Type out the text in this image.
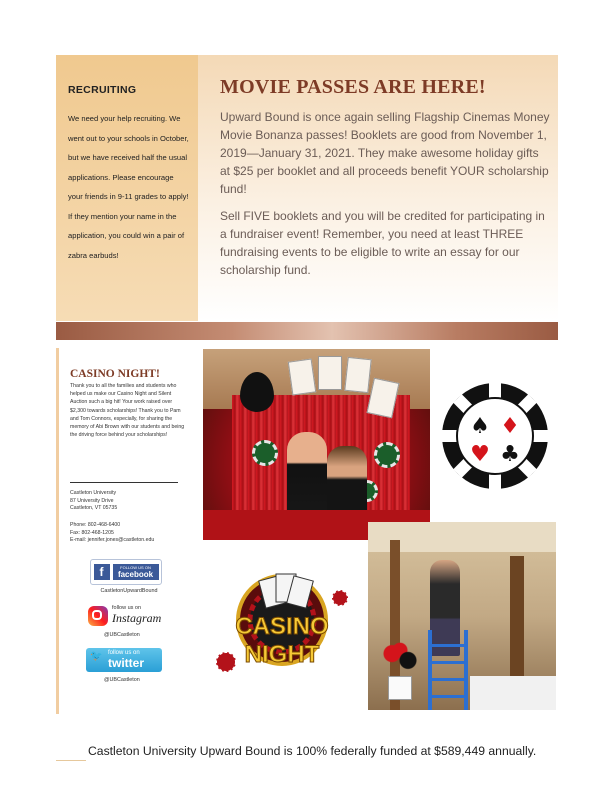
RECRUITING
We need your help recruiting. We went out to your schools in October, but we have received half the usual applications. Please encourage your friends in 9-11 grades to apply! If they mention your name in the application, you could win a pair of zabra earbuds!
MOVIE PASSES ARE HERE!
Upward Bound is once again selling Flagship Cinemas Money Movie Bonanza passes! Booklets are good from November 1, 2019—January 31, 2021. They make awesome holiday gifts at $25 per booklet and all proceeds benefit YOUR scholarship fund!
Sell FIVE booklets and you will be credited for participating in a fundraiser event! Remember, you need at least THREE fundraising events to be eligible to write an essay for our scholarship fund.
CASINO NIGHT!
Thank you to all the families and students who helped us make our Casino Night and Silent Auction such a big hit! Your work raised over $2,300 towards scholarships! Thank you to Pam and Tom Connors, especially, for sharing the memory of Abi Brown with our students and being the driving force behind your scholarships!
Castleton University
87 University Drive
Castleton, VT 05735
Phone: 802-468-6400
Fax: 802-468-1205
E-mail: jennifer.jones@castleton.edu
f	FOLLOW US ON
facebook
CastletonUpwardBound
follow us on
Instagram
@UBCastleton
🐦 follow us on
twitter
@UBCastleton
♠ ♦
♥ ♣
CASINO
NIGHT
Castleton University Upward Bound is 100% federally funded at $589,449 annually.
